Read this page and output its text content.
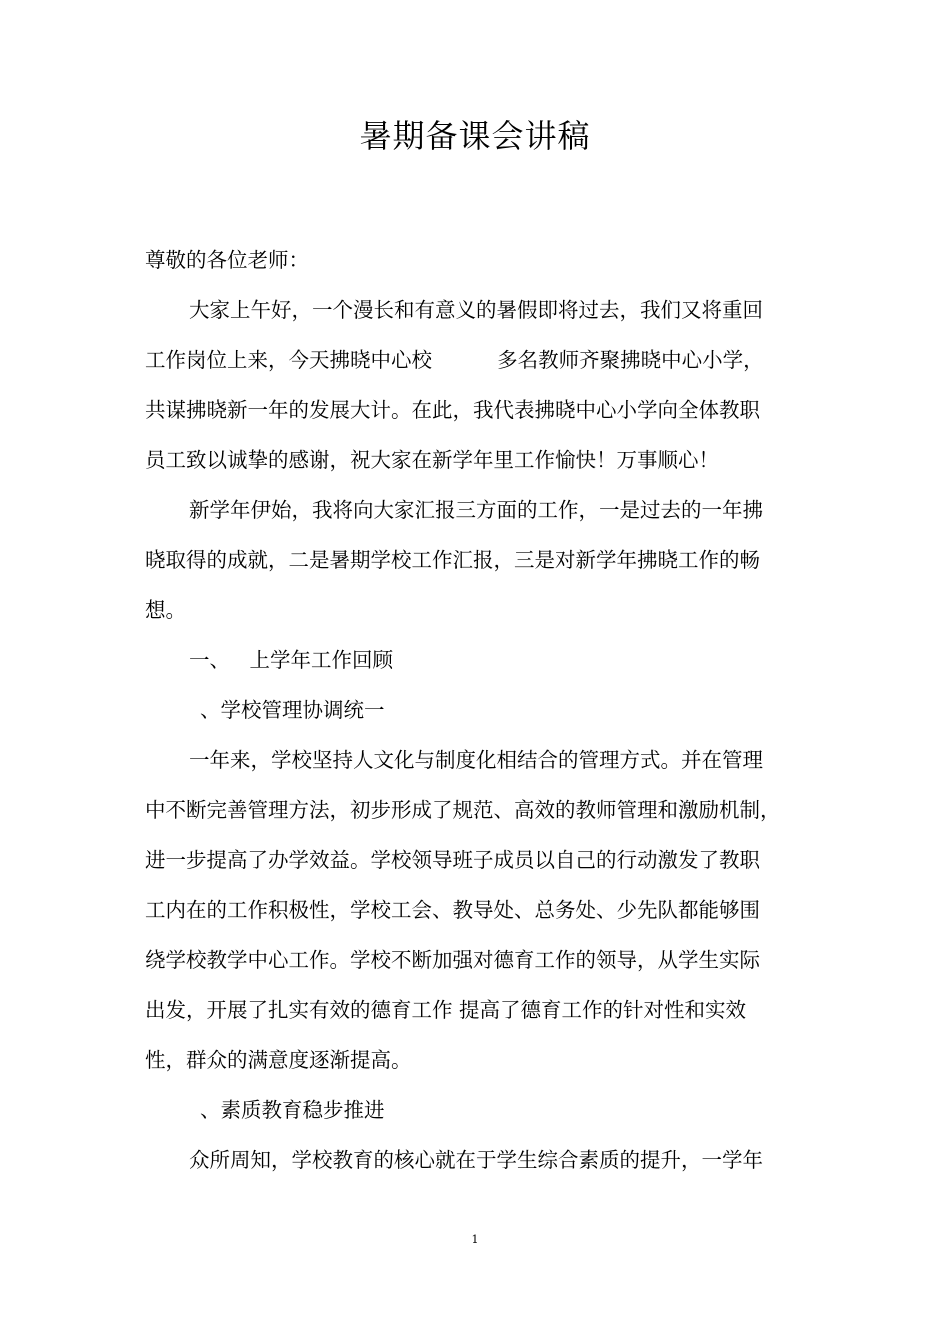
暑期备课会讲稿
尊敬的各位老师：
大家上午好，一个漫长和有意义的暑假即将过去，我们又将重回
工作岗位上来，今天拂晓中心校          多名教师齐聚拂晓中心小学，
共谋拂晓新一年的发展大计。在此，我代表拂晓中心小学向全体教职
员工致以诚挚的感谢，祝大家在新学年里工作愉快！万事顺心！
新学年伊始，我将向大家汇报三方面的工作，一是过去的一年拂
晓取得的成就，二是暑期学校工作汇报，三是对新学年拂晓工作的畅
想。
一、   上学年工作回顾
、学校管理协调统一
一年来，学校坚持人文化与制度化相结合的管理方式。并在管理
中不断完善管理方法，初步形成了规范、高效的教师管理和激励机制，
进一步提高了办学效益。学校领导班子成员以自己的行动激发了教职
工内在的工作积极性，学校工会、教导处、总务处、少先队都能够围
绕学校教学中心工作。学校不断加强对德育工作的领导，从学生实际
出发，开展了扎实有效的德育工作 提高了德育工作的针对性和实效
性，群众的满意度逐渐提高。
、素质教育稳步推进
众所周知，学校教育的核心就在于学生综合素质的提升，一学年
1
